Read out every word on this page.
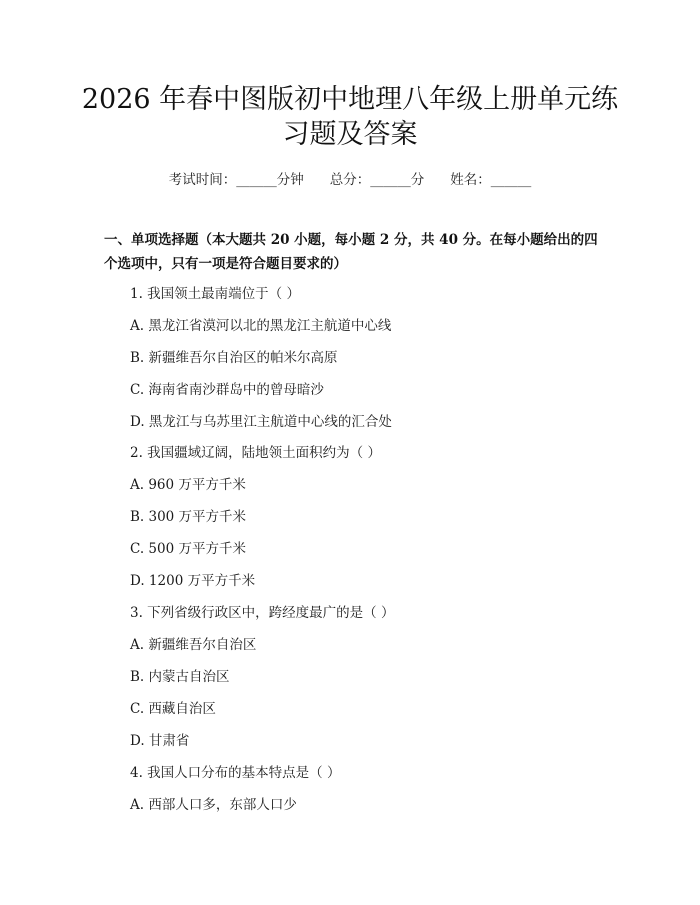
2026 年春中图版初中地理八年级上册单元练
习题及答案
考试时间：______分钟 总分：______分 姓名：______
一、单项选择题（本大题共 20 小题，每小题 2 分，共 40 分。在每小题给出的四个选项中，只有一项是符合题目要求的）
1. 我国领土最南端位于（ ）
A. 黑龙江省漠河以北的黑龙江主航道中心线
B. 新疆维吾尔自治区的帕米尔高原
C. 海南省南沙群岛中的曾母暗沙
D. 黑龙江与乌苏里江主航道中心线的汇合处
2. 我国疆域辽阔，陆地领土面积约为（ ）
A. 960 万平方千米
B. 300 万平方千米
C. 500 万平方千米
D. 1200 万平方千米
3. 下列省级行政区中，跨经度最广的是（ ）
A. 新疆维吾尔自治区
B. 内蒙古自治区
C. 西藏自治区
D. 甘肃省
4. 我国人口分布的基本特点是（ ）
A. 西部人口多，东部人口少
